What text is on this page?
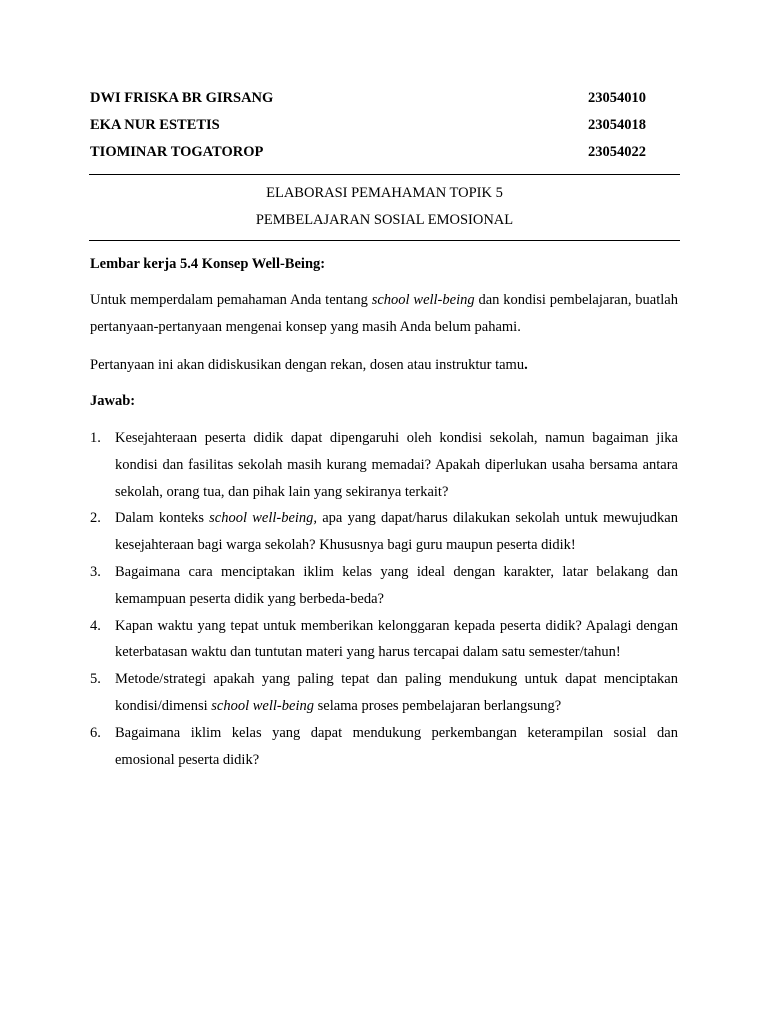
DWI FRISKA BR GIRSANG	23054010
EKA NUR ESTETIS	23054018
TIOMINAR TOGATOROP	23054022
ELABORASI PEMAHAMAN TOPIK 5
PEMBELAJARAN SOSIAL EMOSIONAL
Lembar kerja 5.4 Konsep Well-Being:
Untuk memperdalam pemahaman Anda tentang school well-being dan kondisi pembelajaran, buatlah pertanyaan-pertanyaan mengenai konsep yang masih Anda belum pahami.
Pertanyaan ini akan didiskusikan dengan rekan, dosen atau instruktur tamu.
Jawab:
1. Kesejahteraan peserta didik dapat dipengaruhi oleh kondisi sekolah, namun bagaiman jika kondisi dan fasilitas sekolah masih kurang memadai? Apakah diperlukan usaha bersama antara sekolah, orang tua, dan pihak lain yang sekiranya terkait?
2. Dalam konteks school well-being, apa yang dapat/harus dilakukan sekolah untuk mewujudkan kesejahteraan bagi warga sekolah? Khususnya bagi guru maupun peserta didik!
3. Bagaimana cara menciptakan iklim kelas yang ideal dengan karakter, latar belakang dan kemampuan peserta didik yang berbeda-beda?
4. Kapan waktu yang tepat untuk memberikan kelonggaran kepada peserta didik? Apalagi dengan keterbatasan waktu dan tuntutan materi yang harus tercapai dalam satu semester/tahun!
5. Metode/strategi apakah yang paling tepat dan paling mendukung untuk dapat menciptakan kondisi/dimensi school well-being selama proses pembelajaran berlangsung?
6. Bagaimana iklim kelas yang dapat mendukung perkembangan keterampilan sosial dan emosional peserta didik?
